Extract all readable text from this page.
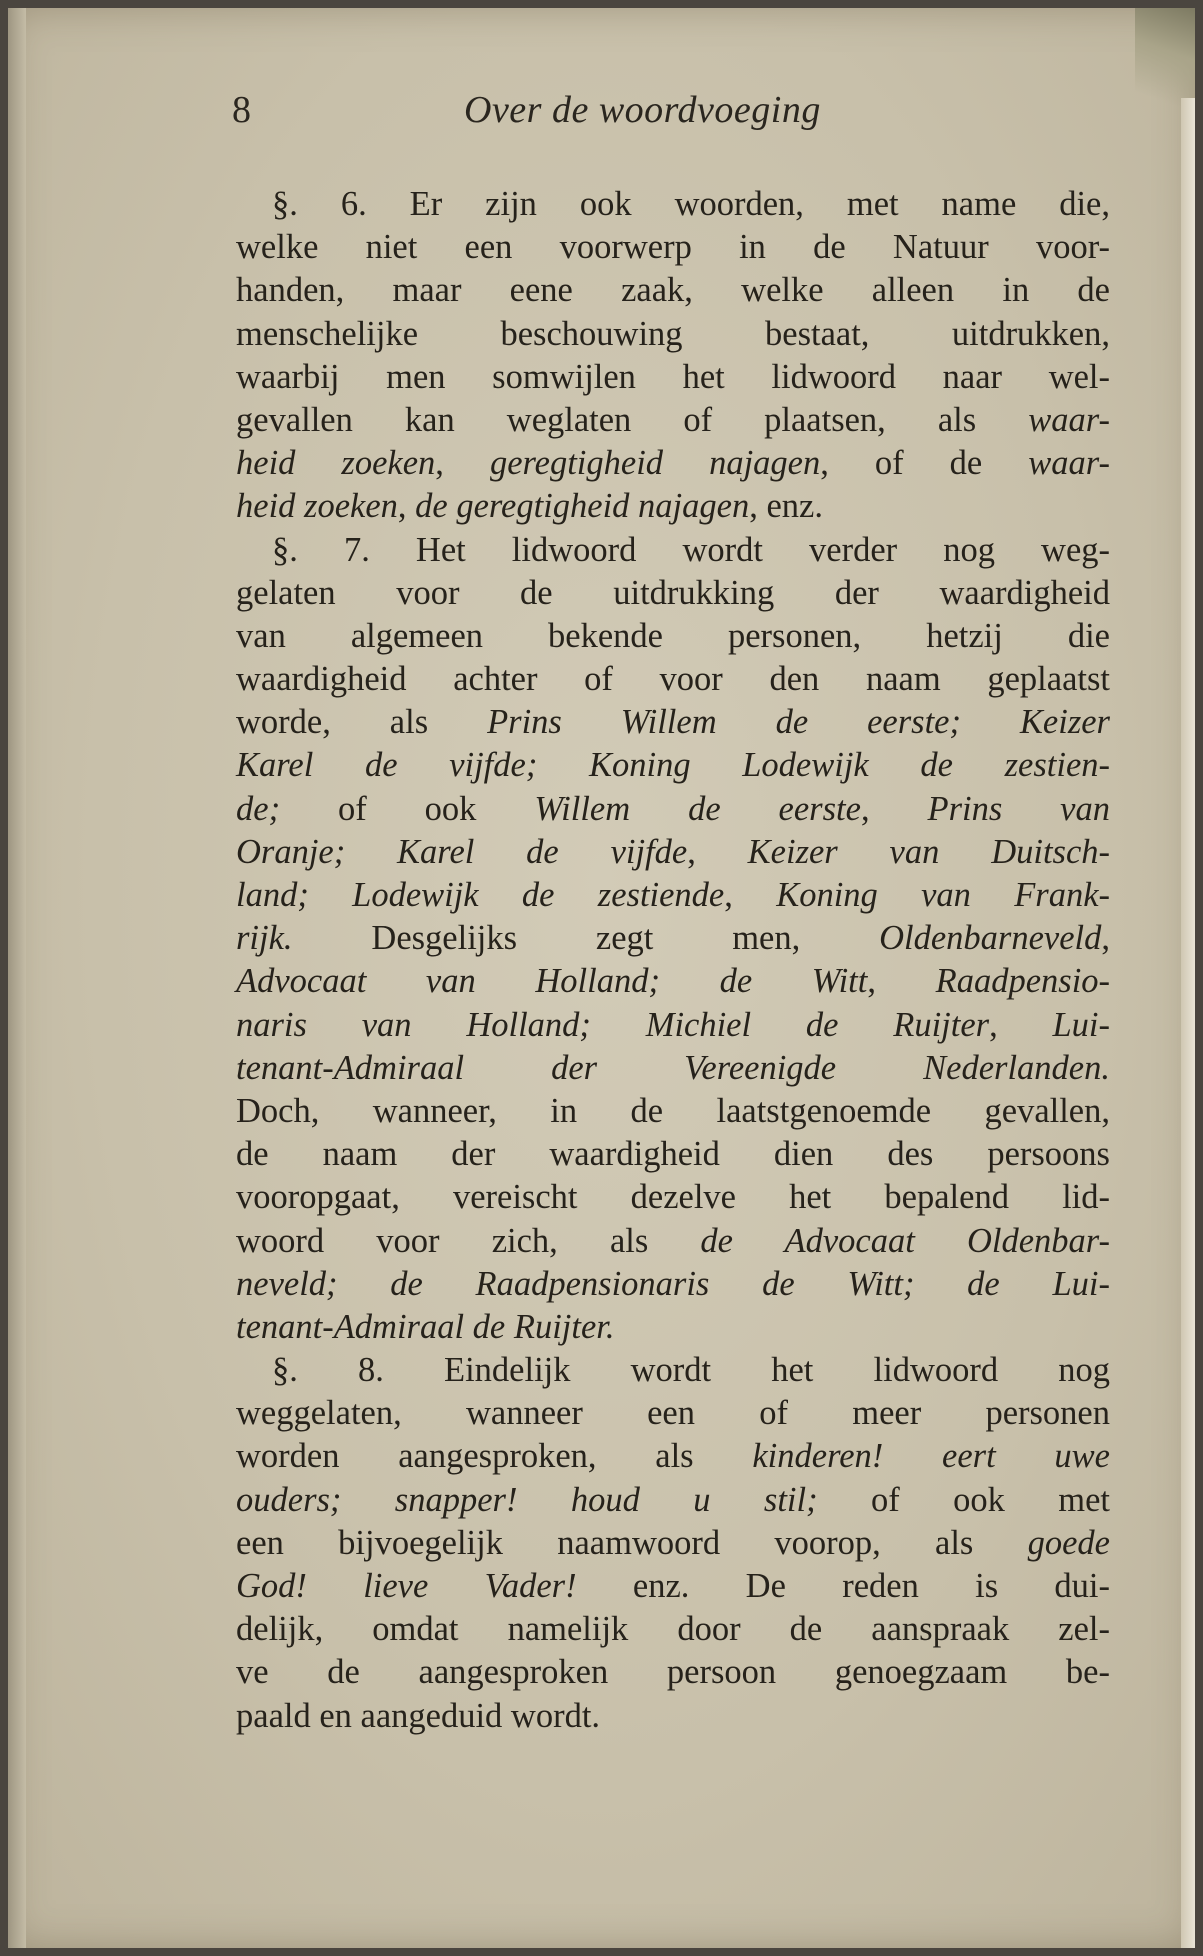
8	Over de woordvoeging
§. 6. Er zijn ook woorden, met name die,
welke niet een voorwerp in de Natuur voor-
handen, maar eene zaak, welke alleen in de
menschelijke beschouwing bestaat, uitdrukken,
waarbij men somwijlen het lidwoord naar wel-
gevallen kan weglaten of plaatsen, als waar-
heid zoeken, geregtigheid najagen, of de waar-
heid zoeken, de geregtigheid najagen, enz.
§. 7. Het lidwoord wordt verder nog weg-
gelaten voor de uitdrukking der waardigheid
van algemeen bekende personen, hetzij die
waardigheid achter of voor den naam geplaatst
worde, als Prins Willem de eerste; Keizer
Karel de vijfde; Koning Lodewijk de zestien-
de; of ook Willem de eerste, Prins van
Oranje; Karel de vijfde, Keizer van Duitsch-
land; Lodewijk de zestiende, Koning van Frank-
rijk. Desgelijks zegt men, Oldenbarneveld,
Advocaat van Holland; de Witt, Raadpensio-
naris van Holland; Michiel de Ruijter, Lui-
tenant-Admiraal der Vereenigde Nederlanden.
Doch, wanneer, in de laatstgenoemde gevallen,
de naam der waardigheid dien des persoons
vooropgaat, vereischt dezelve het bepalend lid-
woord voor zich, als de Advocaat Oldenbar-
neveld; de Raadpensionaris de Witt; de Lui-
tenant-Admiraal de Ruijter.
§. 8. Eindelijk wordt het lidwoord nog
weggelaten, wanneer een of meer personen
worden aangesproken, als kinderen! eert uwe
ouders; snapper! houd u stil; of ook met
een bijvoegelijk naamwoord voorop, als goede
God! lieve Vader! enz. De reden is dui-
delijk, omdat namelijk door de aanspraak zel-
ve de aangesproken persoon genoegzaam be-
paald en aangeduid wordt.
